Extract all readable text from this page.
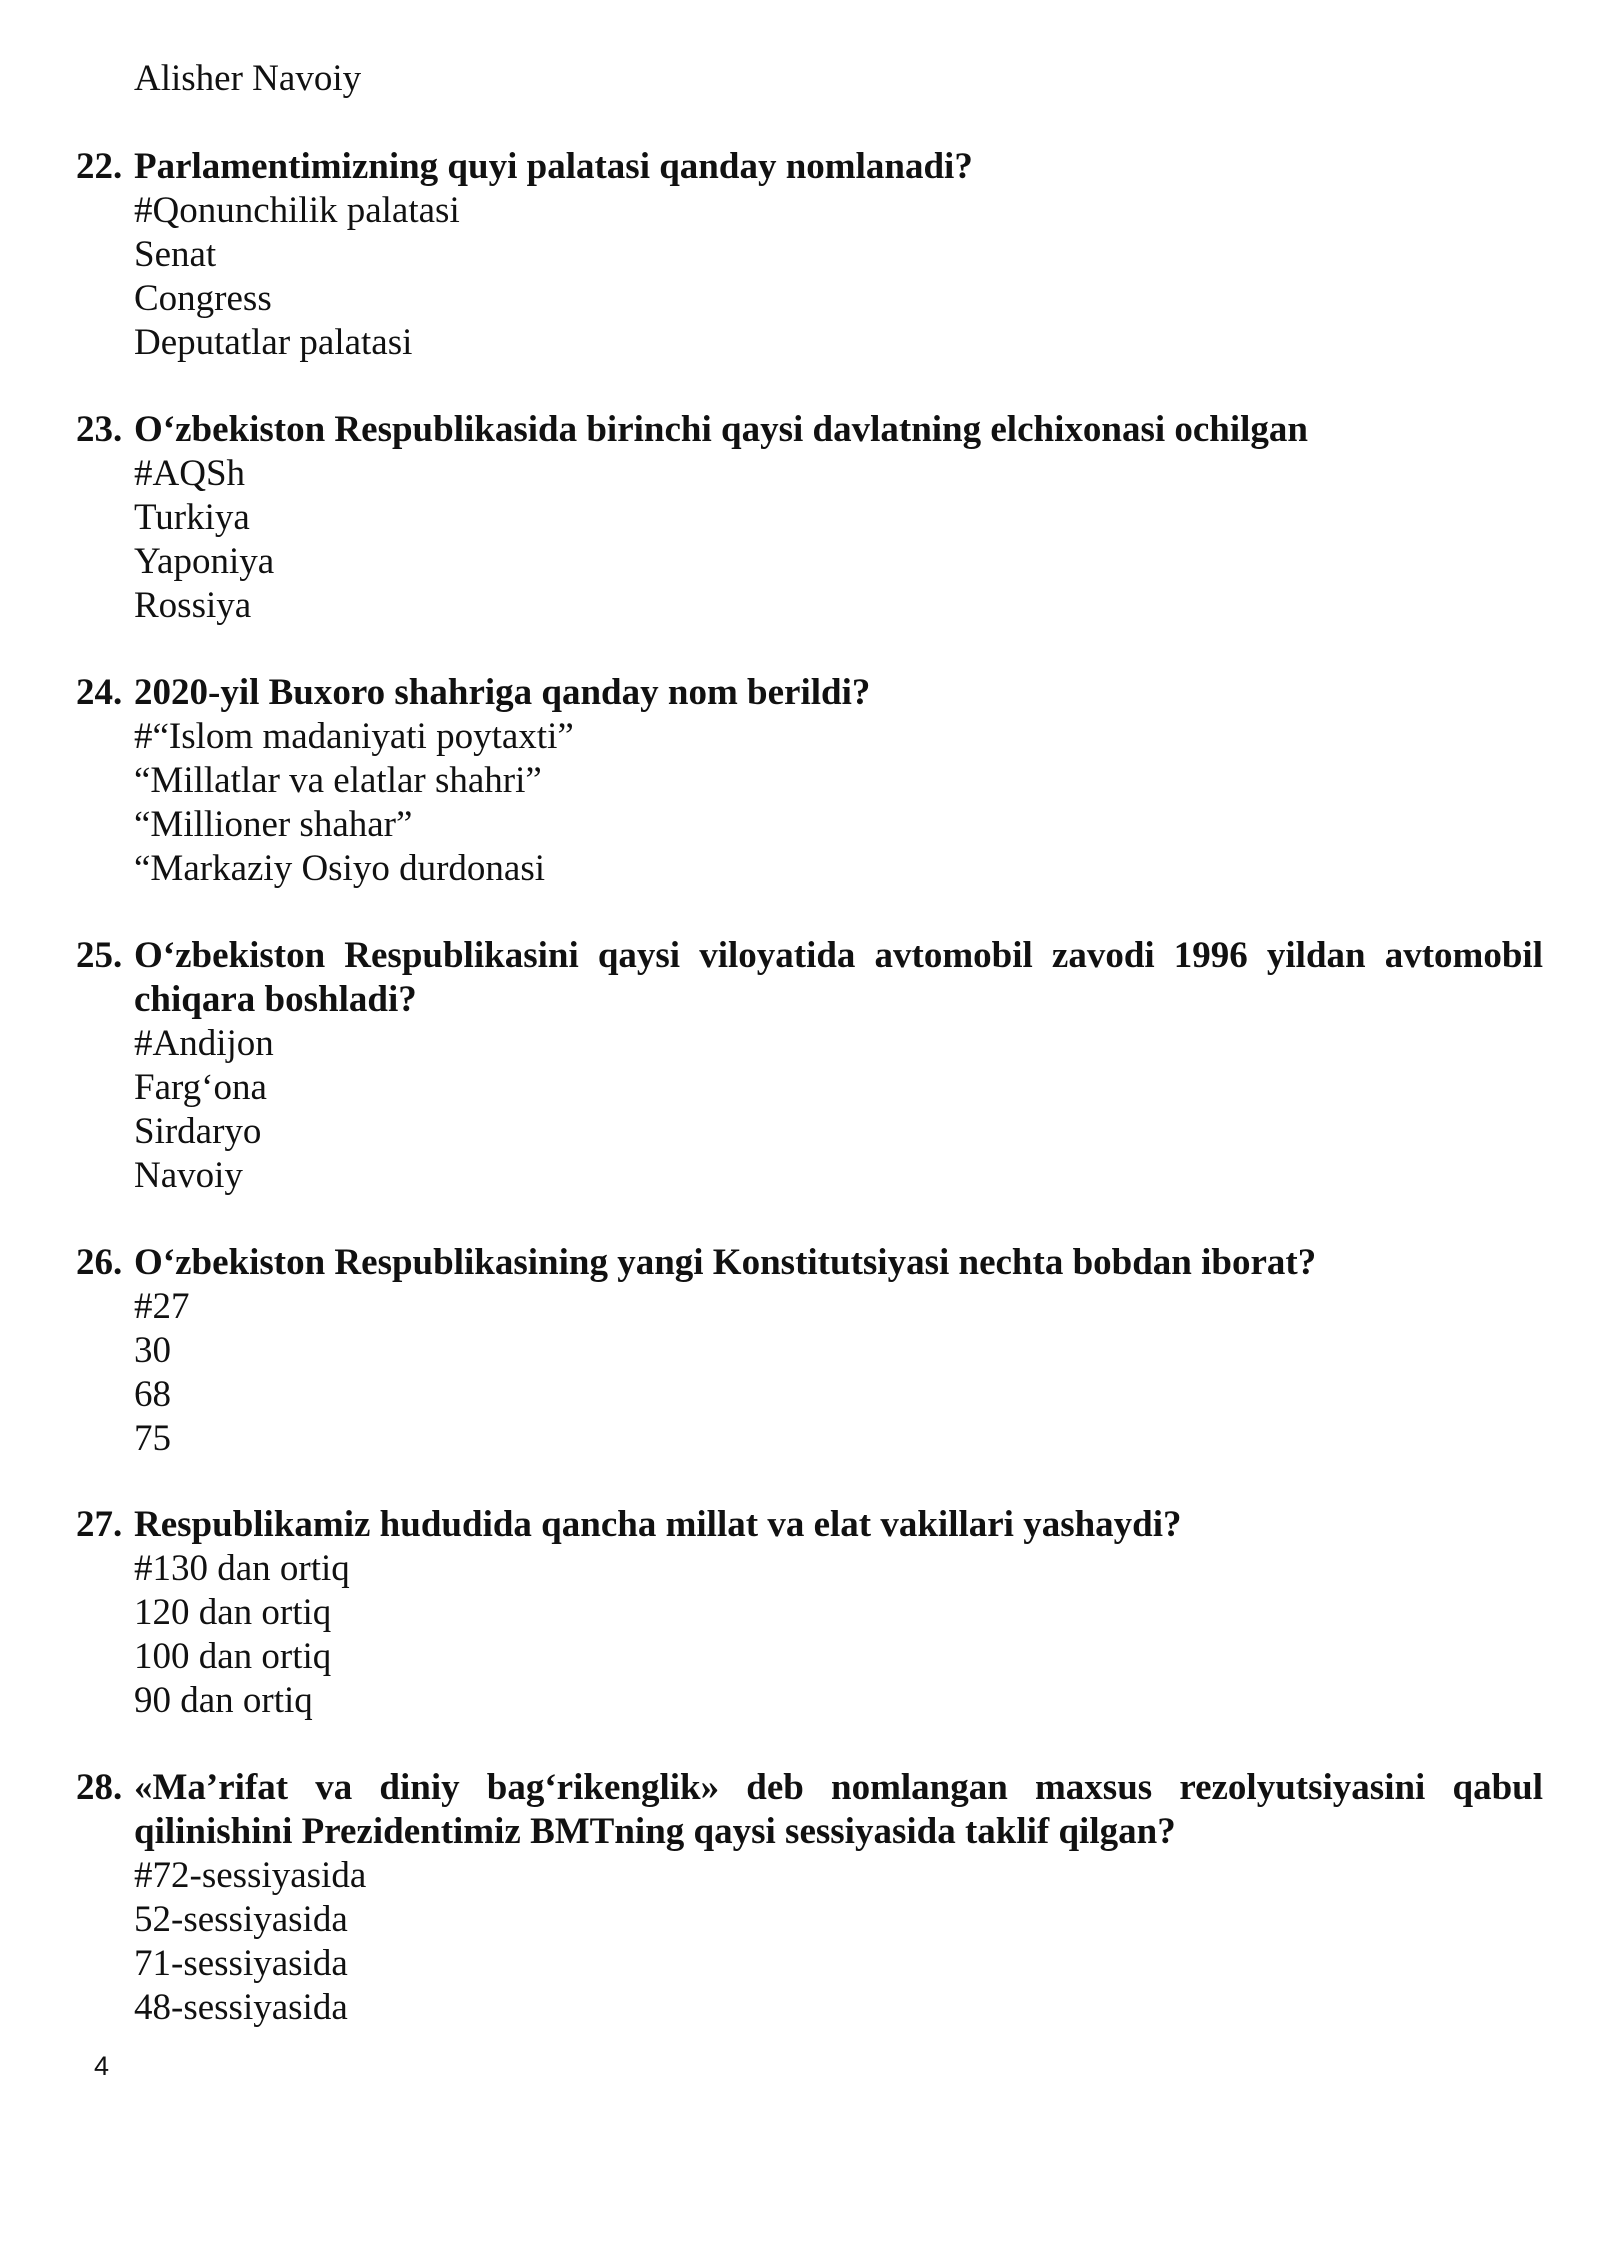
Alisher Navoiy
22. Parlamentimizning quyi palatasi qanday nomlanadi?
#Qonunchilik palatasi
Senat
Congress
Deputatlar palatasi
23. O‘zbekiston Respublikasida birinchi qaysi davlatning elchixonasi ochilgan
#AQSh
Turkiya
Yaponiya
Rossiya
24. 2020-yil Buxoro shahriga qanday nom berildi?
#“Islom madaniyati poytaxti”
“Millatlar va elatlar shahri”
“Millioner shahar”
“Markaziy Osiyo durdonasi
25. O‘zbekiston Respublikasini qaysi viloyatida avtomobil zavodi 1996 yildan avtomobil chiqara boshladi?
#Andijon
Farg‘ona
Sirdaryo
Navoiy
26. O‘zbekiston Respublikasining yangi Konstitutsiyasi nechta bobdan iborat?
#27
30
68
75
27. Respublikamiz hududida qancha millat va elat vakillari yashaydi?
#130 dan ortiq
120 dan ortiq
100 dan ortiq
90 dan ortiq
28. «Ma’rifat va diniy bag‘rikenglik» deb nomlangan maxsus rezolyutsiyasini qabul qilinishini Prezidentimiz BMTning qaysi sessiyasida taklif qilgan?
#72-sessiyasida
52-sessiyasida
71-sessiyasida
48-sessiyasida
4
